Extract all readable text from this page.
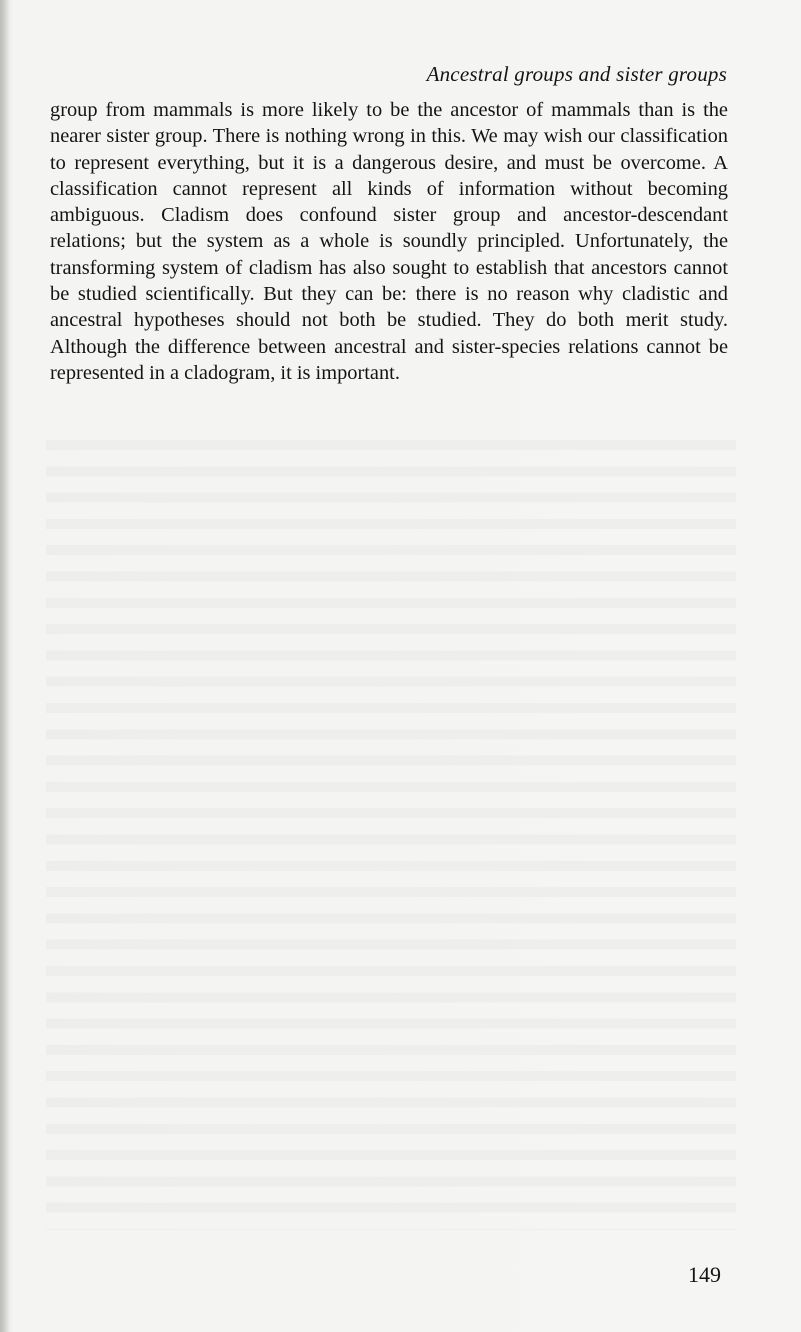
Ancestral groups and sister groups

group from mammals is more likely to be the ancestor of mammals than is the nearer sister group. There is nothing wrong in this. We may wish our classification to represent everything, but it is a dangerous desire, and must be overcome. A classification cannot represent all kinds of information without becoming ambiguous. Cladism does confound sister group and ancestor-descendant relations; but the system as a whole is soundly principled. Unfortunately, the transforming system of cladism has also sought to establish that ancestors cannot be studied scientifically. But they can be: there is no reason why cladistic and ancestral hypotheses should not both be studied. They do both merit study. Although the difference between ancestral and sister-species relations cannot be represented in a cladogram, it is important.

149
